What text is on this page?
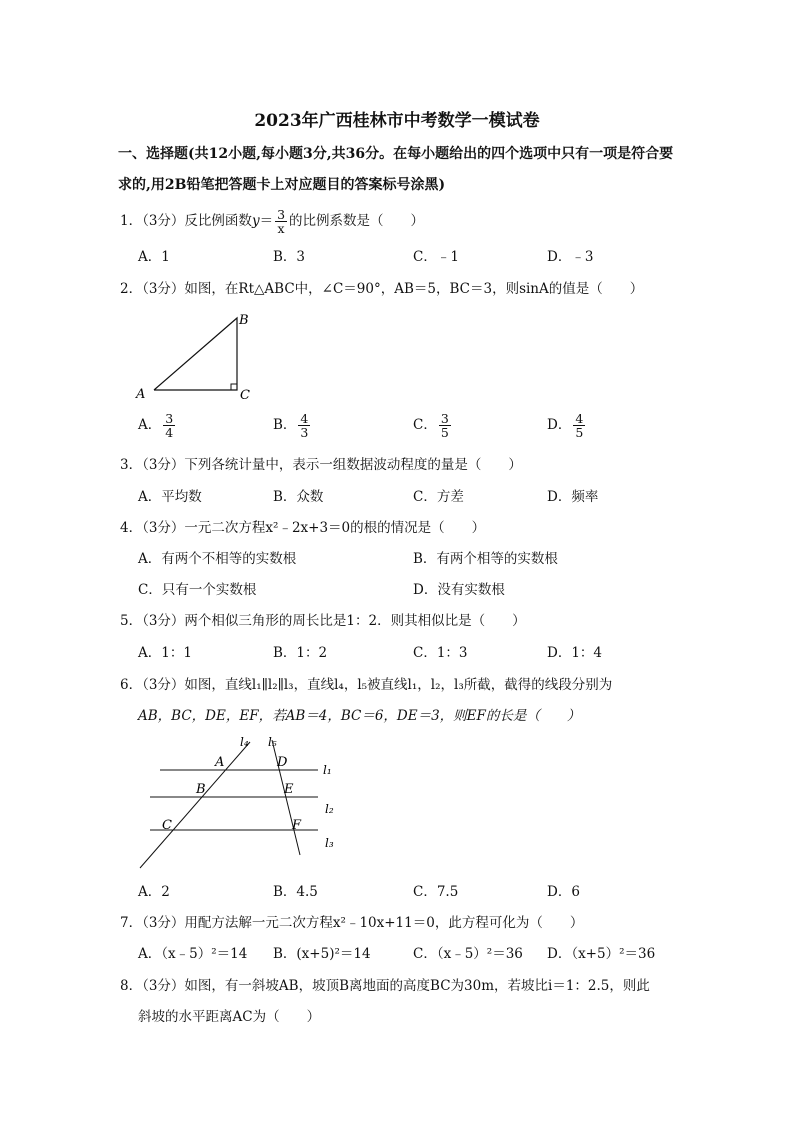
2023年广西桂林市中考数学一模试卷
一、选择题(共12小题,每小题3分,共36分。在每小题给出的四个选项中只有一项是符合要
求的,用2B铅笔把答题卡上对应题目的答案标号涂黑)
1．（3分）反比例函数$y= \frac{3}{x}$ 的比例系数是（　　）
A．1	B．3	C．﹣1	D．﹣3
2．（3分）如图，在Rt△ABC中，∠C＝90°，AB＝5，BC＝3，则sinA的值是（　　）
A
B
C
A． $\frac{3}{4}$	B． $\frac{4}{3}$	C． $\frac{3}{5}$	D． $\frac{4}{5}$
3．（3分）下列各统计量中，表示一组数据波动程度的量是（　　）
A．平均数	B．众数	C．方差	D．频率
4．（3分）一元二次方程x²﹣2x+3＝0的根的情况是（　　）
A．有两个不相等的实数根	B．有两个相等的实数根
C．只有一个实数根	D．没有实数根
5．（3分）两个相似三角形的周长比是1：2．则其相似比是（　　）
A．1：1	B．1：2	C．1：3	D．1：4
6．（3分）如图，直线l₁∥l₂∥l₃，直线l₄，l₅被直线l₁，l₂，l₃所截，截得的线段分别为
AB，BC，DE，EF，若AB＝4，BC＝6，DE＝3，则EF的长是（　　）
l₄ l₅
l₁
l₂
l₃
A
B
C
D
E
F
A．2	B．4.5	C．7.5	D．6
7．（3分）用配方法解一元二次方程x²﹣10x+11＝0，此方程可化为（　　）
A．（x﹣5）²＝14 B．(x+5)²＝14	C．（x﹣5）²＝36 D．（x+5）²＝36
8．（3分）如图，有一斜坡AB，坡顶B离地面的高度BC为30m，若坡比i＝1：2.5，则此
斜坡的水平距离AC为（　　）
